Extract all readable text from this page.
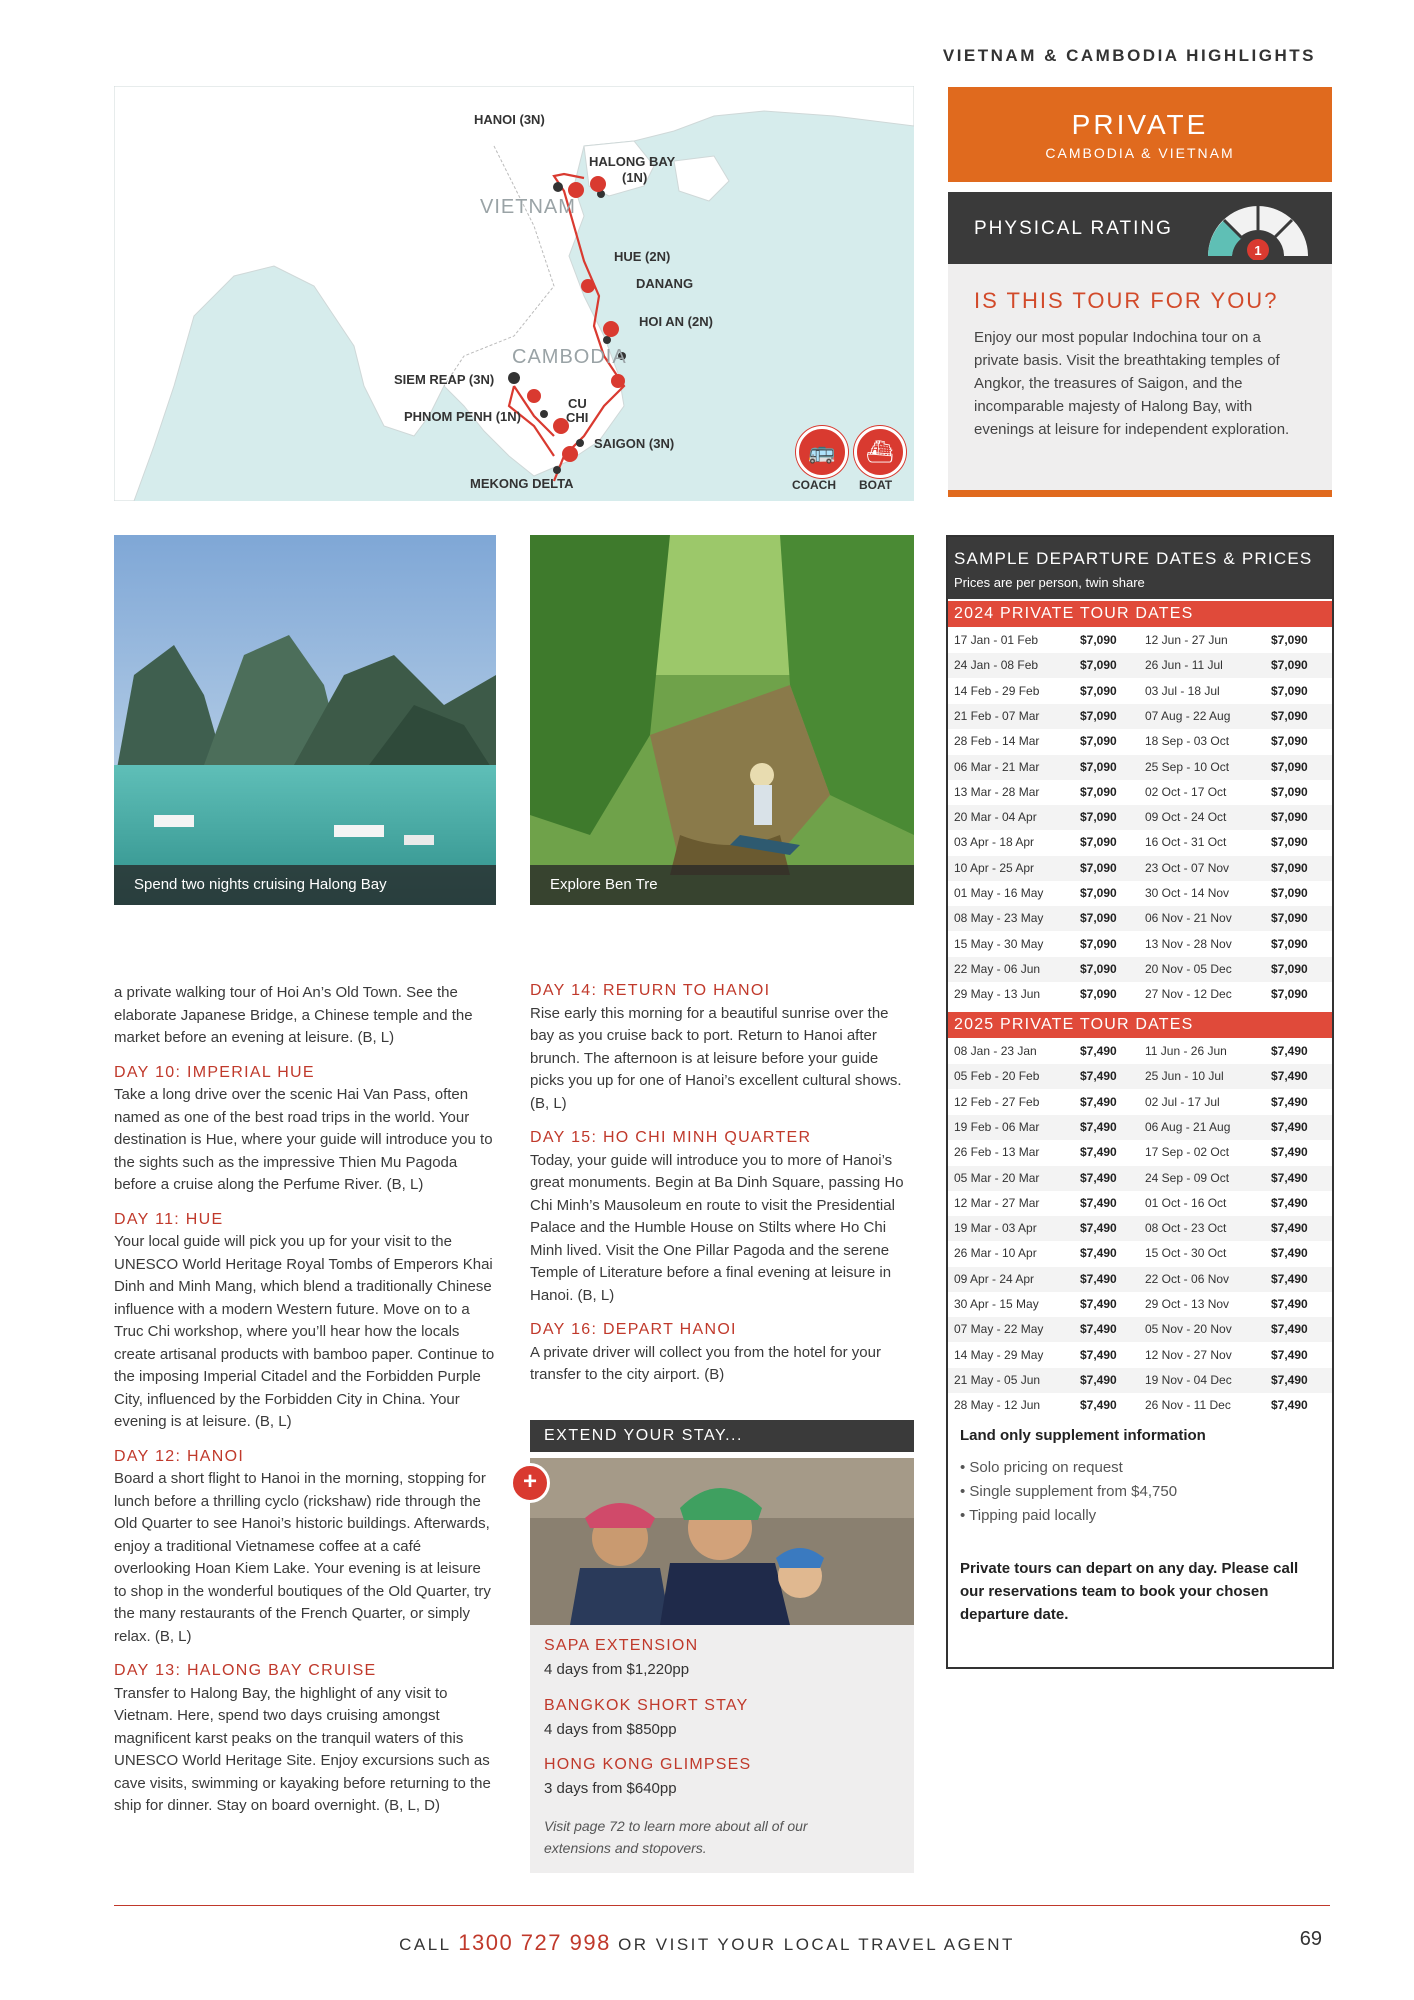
VIETNAM & CAMBODIA HIGHLIGHTS
HANOI (3N)
HALONG BAY
(1N)
VIETNAM
HUE (2N)
DANANG
HOI AN (2N)
CAMBODIA
SIEM REAP (3N)
CU
CHI
PHNOM PENH (1N)
SAIGON (3N)
MEKONG DELTA
🚌
COACH
⛴
BOAT
PRIVATE
CAMBODIA & VIETNAM
PHYSICAL RATING
1
IS THIS TOUR FOR YOU?
Enjoy our most popular Indochina tour on a private basis. Visit the breathtaking temples of Angkor, the treasures of Saigon, and the incomparable majesty of Halong Bay, with evenings at leisure for independent exploration.
Spend two nights cruising Halong Bay	Explore Ben Tre

a private walking tour of Hoi An’s Old Town. See the elaborate Japanese Bridge, a Chinese temple and the market before an evening at leisure. (B, L)

DAY 10: IMPERIAL HUE

Take a long drive over the scenic Hai Van Pass, often named as one of the best road trips in the world. Your destination is Hue, where your guide will introduce you to the sights such as the impressive Thien Mu Pagoda before a cruise along the Perfume River. (B, L)

DAY 11: HUE

Your local guide will pick you up for your visit to the UNESCO World Heritage Royal Tombs of Emperors Khai Dinh and Minh Mang, which blend a traditionally Chinese influence with a modern Western future. Move on to a Truc Chi workshop, where you’ll hear how the locals create artisanal products with bamboo paper. Continue to the imposing Imperial Citadel and the Forbidden Purple City, influenced by the Forbidden City in China. Your evening is at leisure. (B, L)

DAY 12: HANOI

Board a short flight to Hanoi in the morning, stopping for lunch before a thrilling cyclo (rickshaw) ride through the Old Quarter to see Hanoi’s historic buildings. Afterwards, enjoy a traditional Vietnamese coffee at a café overlooking Hoan Kiem Lake. Your evening is at leisure to shop in the wonderful boutiques of the Old Quarter, try the many restaurants of the French Quarter, or simply relax. (B, L)

DAY 13: HALONG BAY CRUISE

Transfer to Halong Bay, the highlight of any visit to Vietnam. Here, spend two days cruising amongst magnificent karst peaks on the tranquil waters of this UNESCO World Heritage Site. Enjoy excursions such as cave visits, swimming or kayaking before returning to the ship for dinner. Stay on board overnight. (B, L, D)

DAY 14: RETURN TO HANOI

Rise early this morning for a beautiful sunrise over the bay as you cruise back to port. Return to Hanoi after brunch. The afternoon is at leisure before your guide picks you up for one of Hanoi’s excellent cultural shows. (B, L)

DAY 15: HO CHI MINH QUARTER

Today, your guide will introduce you to more of Hanoi’s great monuments. Begin at Ba Dinh Square, passing Ho Chi Minh’s Mausoleum en route to visit the Presidential Palace and the Humble House on Stilts where Ho Chi Minh lived. Visit the One Pillar Pagoda and the serene Temple of Literature before a final evening at leisure in Hanoi. (B, L)

DAY 16: DEPART HANOI

A private driver will collect you from the hotel for your transfer to the city airport. (B)

EXTEND YOUR STAY...
+
SAPA EXTENSION
4 days from $1,220pp
BANGKOK SHORT STAY
4 days from $850pp
HONG KONG GLIMPSES
3 days from $640pp
Visit page 72 to learn more about all of our extensions and stopovers.
SAMPLE DEPARTURE DATES & PRICES
Prices are per person, twin share
2024 PRIVATE TOUR DATES
17 Jan - 01 Feb	$7,090 12 Jun - 27 Jun	$7,090
24 Jan - 08 Feb	$7,090 26 Jun - 11 Jul	$7,090
14 Feb - 29 Feb	$7,090 03 Jul - 18 Jul	$7,090
21 Feb - 07 Mar	$7,090 07 Aug - 22 Aug	$7,090
28 Feb - 14 Mar	$7,090 18 Sep - 03 Oct	$7,090
06 Mar - 21 Mar	$7,090 25 Sep - 10 Oct	$7,090
13 Mar - 28 Mar	$7,090 02 Oct - 17 Oct	$7,090
20 Mar - 04 Apr	$7,090 09 Oct - 24 Oct	$7,090
03 Apr - 18 Apr	$7,090 16 Oct - 31 Oct	$7,090
10 Apr - 25 Apr	$7,090 23 Oct - 07 Nov	$7,090
01 May - 16 May	$7,090 30 Oct - 14 Nov	$7,090
08 May - 23 May	$7,090 06 Nov - 21 Nov	$7,090
15 May - 30 May	$7,090 13 Nov - 28 Nov	$7,090
22 May - 06 Jun	$7,090 20 Nov - 05 Dec	$7,090
29 May - 13 Jun	$7,090 27 Nov - 12 Dec	$7,090
2025 PRIVATE TOUR DATES
08 Jan - 23 Jan	$7,490 11 Jun - 26 Jun	$7,490
05 Feb - 20 Feb	$7,490 25 Jun - 10 Jul	$7,490
12 Feb - 27 Feb	$7,490 02 Jul - 17 Jul	$7,490
19 Feb - 06 Mar	$7,490 06 Aug - 21 Aug	$7,490
26 Feb - 13 Mar	$7,490 17 Sep - 02 Oct	$7,490
05 Mar - 20 Mar	$7,490 24 Sep - 09 Oct	$7,490
12 Mar - 27 Mar	$7,490 01 Oct - 16 Oct	$7,490
19 Mar - 03 Apr	$7,490 08 Oct - 23 Oct	$7,490
26 Mar - 10 Apr	$7,490 15 Oct - 30 Oct	$7,490
09 Apr - 24 Apr	$7,490 22 Oct - 06 Nov	$7,490
30 Apr - 15 May	$7,490 29 Oct - 13 Nov	$7,490
07 May - 22 May	$7,490 05 Nov - 20 Nov	$7,490
14 May - 29 May	$7,490 12 Nov - 27 Nov	$7,490
21 May - 05 Jun	$7,490 19 Nov - 04 Dec	$7,490
28 May - 12 Jun	$7,490 26 Nov - 11 Dec	$7,490
Land only supplement information
• Solo pricing on request
• Single supplement from $4,750
• Tipping paid locally
Private tours can depart on any day. Please call our reservations team to book your chosen departure date.
CALL 1300 727 998 OR VISIT YOUR LOCAL TRAVEL AGENT	69
